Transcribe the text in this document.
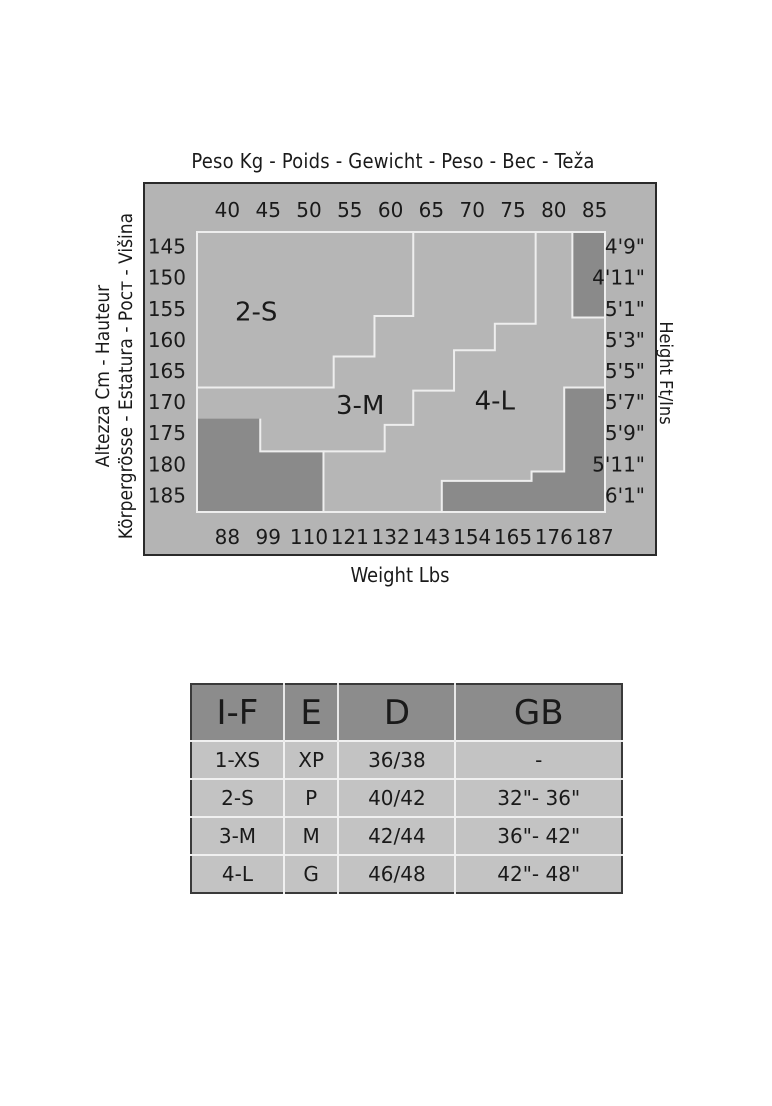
Peso Kg - Poids - Gewicht - Peso - Bec - Teža
40 45 50 55 60 65 70 75 80 85
88 99 110 121 132 143 154 165 176 187
145
150
155
160
165
170
175
180
185
4'9"
4'11"
5'1"
5'3"
5'5"
5'7"
5'9"
5'11"
6'1"
2-S
3-M	4-L
Altezza Cm - Hauteur Körpergrösse - Estatura - Рост - Višina	Height Ft/Ins
Weight Lbs
I-F	E	D	GB
1-XS	XP	36/38	-
2-S	P	40/42	32"- 36"
3-M	M	42/44	36"- 42"
4-L	G	46/48	42"- 48"
